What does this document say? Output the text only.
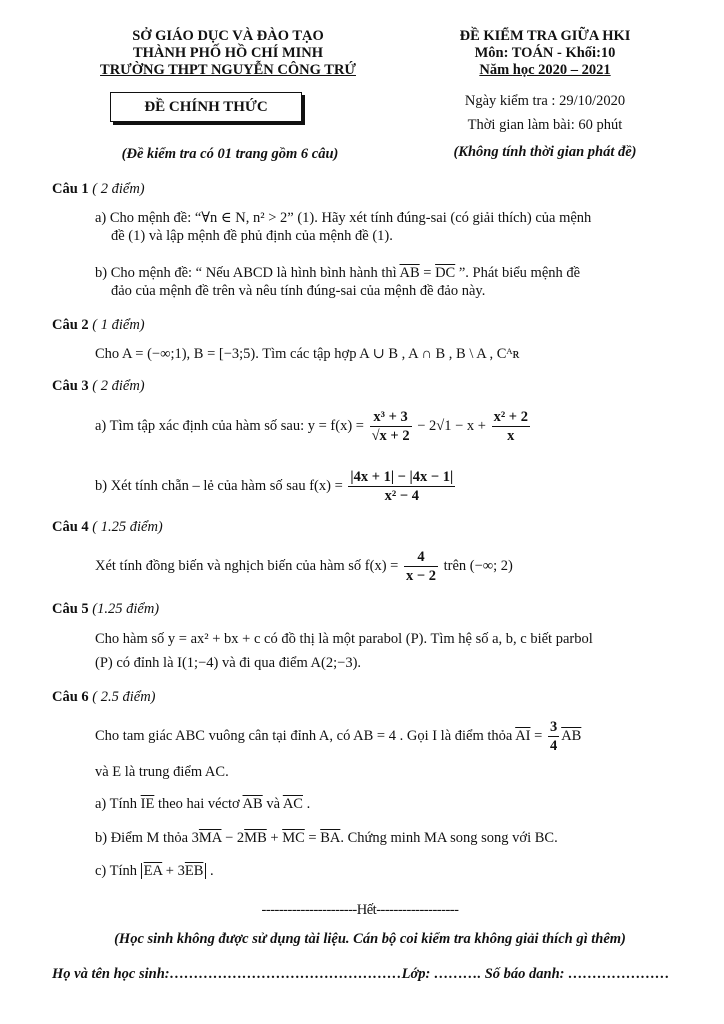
SỞ GIÁO DỤC VÀ ĐÀO TẠO
THÀNH PHỐ HỒ CHÍ MINH
TRƯỜNG THPT NGUYỄN CÔNG TRỨ
ĐỀ KIỂM TRA GIỮA HKI
Môn: TOÁN - Khối:10
Năm học 2020 – 2021
ĐỀ CHÍNH THỨC	Ngày kiểm tra : 29/10/2020
Thời gian làm bài: 60 phút
(Đề kiểm tra có 01 trang gồm 6 câu)	(Không tính thời gian phát đề)
Câu 1 ( 2 điểm)
a) Cho mệnh đề: “∀n ∈ N, n² > 2” (1). Hãy xét tính đúng-sai (có giải thích) của mệnh
đề (1) và lập mệnh đề phủ định của mệnh đề (1).
b) Cho mệnh đề: “ Nếu ABCD là hình bình hành thì $\overline{AB} = \overline{DC}$ ”. Phát biểu mệnh đề
đảo của mệnh đề trên và nêu tính đúng-sai của mệnh đề đảo này.
Câu 2 ( 1 điểm)
Cho A = (−∞;1), B = [−3;5). Tìm các tập hợp A ∪ B , A ∩ B , B \ A , Cᴬʀ
Câu 3 ( 2 điểm)
a) Tìm tập xác định của hàm số sau: $y = f(x) = \frac{\text{x³ + 3}}{√x + 2} - 2√1 - x + \frac{\text{x² + 2}}{x}$
b) Xét tính chẵn – lẻ của hàm số sau $f(x) = \frac{|4x + 1| - |4x - 1|}{\text{x² − 4}}$
Câu 4 ( 1.25 điểm)
Xét tính đồng biến và nghịch biến của hàm số $f(x) = \frac{4}{x - 2}$ trên (−∞; 2)
Câu 5 (1.25 điểm)
Cho hàm số y = ax² + bx + c có đồ thị là một parabol (P). Tìm hệ số a, b, c biết parbol
(P) có đỉnh là I(1;−4) và đi qua điểm A(2;−3).
Câu 6 ( 2.5 điểm)
Cho tam giác ABC vuông cân tại đỉnh A, có AB = 4 . Gọi I là điểm thỏa $\overline{AI} = \frac{3}{4} \overline{AB}$
và E là trung điểm AC.
a) Tính $\overline{IE}$ theo hai véctơ $\overline{AB}$ và $\overline{AC}$ .
b) Điểm M thỏa $3\overline{MA} - 2\overline{MB} + \overline{MC} = \overline{BA}$. Chứng minh MA song song với BC.
c) Tính $\overline{EA} + 3\overline{EB}$ .
----------------------Hết-------------------
(Học sinh không được sử dụng tài liệu. Cán bộ coi kiểm tra không giải thích gì thêm)
Họ và tên học sinh:…………………………………………Lớp: ………. Số báo danh: …………………
